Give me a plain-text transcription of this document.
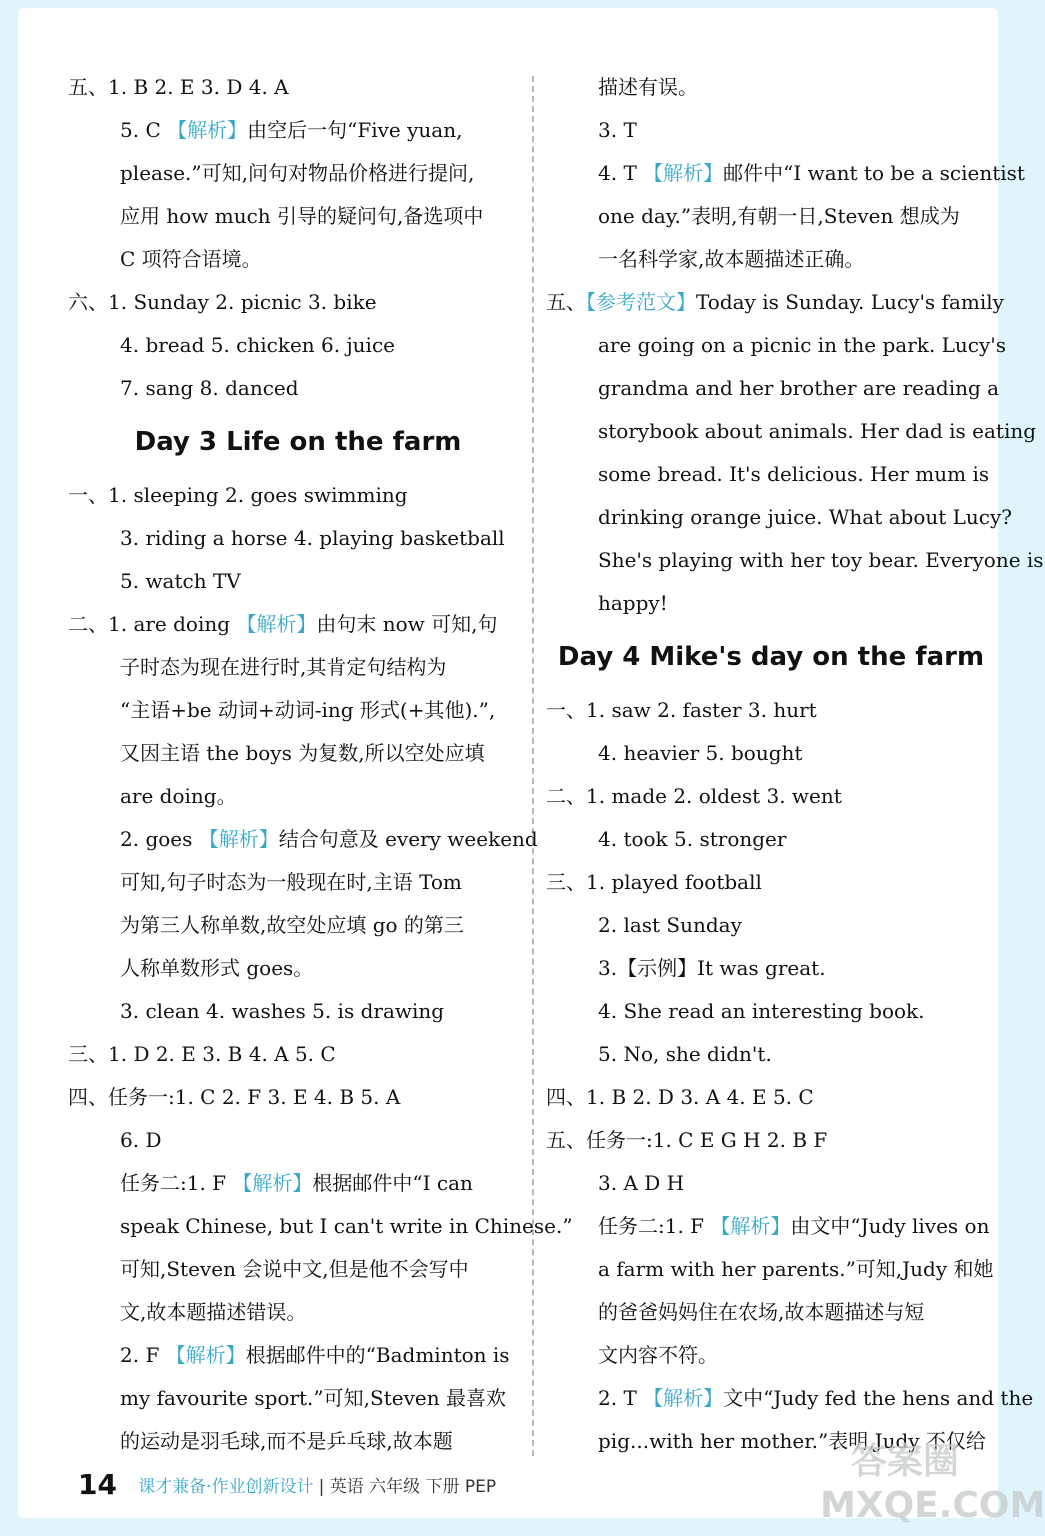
五、1. B 2. E 3. D 4. A
5. C 【解析】由空后一句“Five yuan,
please.”可知,问句对物品价格进行提问,
应用 how much 引导的疑问句,备选项中
C 项符合语境。
六、1. Sunday 2. picnic 3. bike
4. bread 5. chicken 6. juice
7. sang 8. danced
Day 3 Life on the farm
一、1. sleeping 2. goes swimming
3. riding a horse 4. playing basketball
5. watch TV
二、1. are doing 【解析】由句末 now 可知,句
子时态为现在进行时,其肯定句结构为
“主语+be 动词+动词-ing 形式(+其他).”,
又因主语 the boys 为复数,所以空处应填
are doing。
2. goes 【解析】结合句意及 every weekend
可知,句子时态为一般现在时,主语 Tom
为第三人称单数,故空处应填 go 的第三
人称单数形式 goes。
3. clean 4. washes 5. is drawing
三、1. D 2. E 3. B 4. A 5. C
四、任务一:1. C 2. F 3. E 4. B 5. A
6. D
任务二:1. F 【解析】根据邮件中“I can
speak Chinese, but I can't write in Chinese.”
可知,Steven 会说中文,但是他不会写中
文,故本题描述错误。
2. F 【解析】根据邮件中的“Badminton is
my favourite sport.”可知,Steven 最喜欢
的运动是羽毛球,而不是乒乓球,故本题
描述有误。
3. T
4. T 【解析】邮件中“I want to be a scientist
one day.”表明,有朝一日,Steven 想成为
一名科学家,故本题描述正确。
五、【参考范文】Today is Sunday. Lucy's family
are going on a picnic in the park. Lucy's
grandma and her brother are reading a
storybook about animals. Her dad is eating
some bread. It's delicious. Her mum is
drinking orange juice. What about Lucy?
She's playing with her toy bear. Everyone is
happy!
Day 4 Mike's day on the farm
一、1. saw 2. faster 3. hurt
4. heavier 5. bought
二、1. made 2. oldest 3. went
4. took 5. stronger
三、1. played football
2. last Sunday
3.【示例】It was great.
4. She read an interesting book.
5. No, she didn't.
四、1. B 2. D 3. A 4. E 5. C
五、任务一:1. C E G H 2. B F
3. A D H
任务二:1. F 【解析】由文中“Judy lives on
a farm with her parents.”可知,Judy 和她
的爸爸妈妈住在农场,故本题描述与短
文内容不符。
2. T 【解析】文中“Judy fed the hens and the
pig...with her mother.”表明,Judy 不仅给
14 课才兼备·作业创新设计 | 英语 六年级 下册 PEP
答案圈
MXQE.COM
